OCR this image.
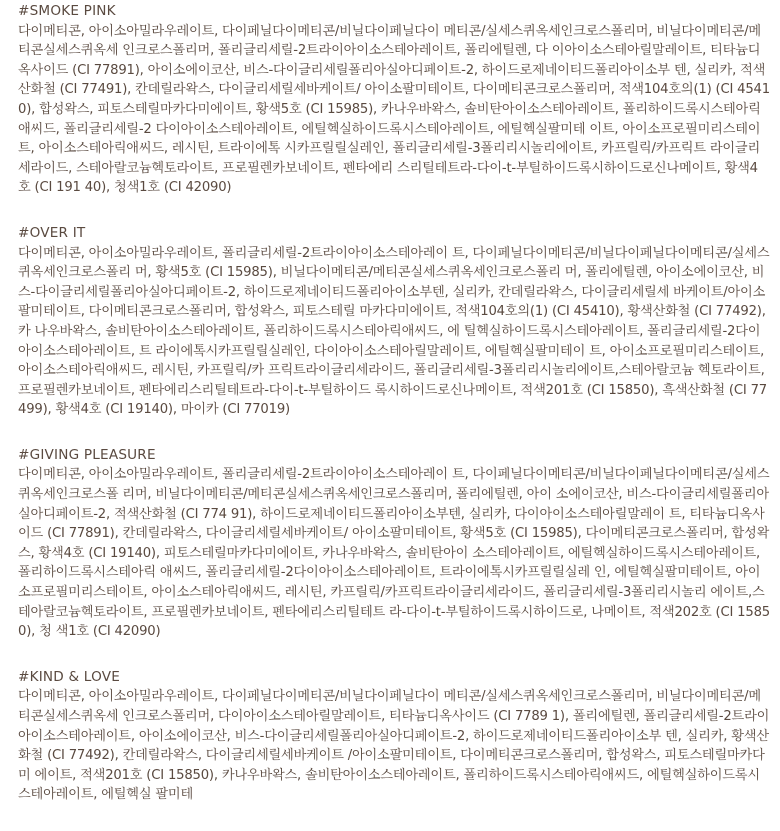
#SMOKE PINK

다이메티콘, 아이소아밀라우레이트, 다이페닐다이메티콘/비닐다이페닐다이 메티콘/실세스퀴옥세인크로스폴리머, 비닐다이메티콘/메티콘실세스퀴옥세 인크로스폴리머, 폴리글리세릴-2트라이아이소스테아레이트, 폴리에틸렌, 다 이아이소스테아릴말레이트, 티타늄디옥사이드 (CI 77891), 아이소에이코산, 비스-다이글리세릴폴리아실아디페이트-2, 하이드로제네이티드폴리아이소부 텐, 실리카, 적색산화철 (CI 77491), 칸데릴라왁스, 다이글리세릴세바케이트/ 아이소팔미테이트, 다이메티콘크로스폴리머, 적색104호의(1) (CI 45410), 합성왁스, 피토스테릴마카다미에이트, 황색5호 (CI 15985), 카나우바왁스, 솔비탄아이소스테아레이트, 폴리하이드록시스테아릭애씨드, 폴리글리세릴-2 다이아이소스테아레이트, 에틸헥실하이드록시스테아레이트, 에틸헥실팔미테 이트, 아이소프로필미리스테이트, 아이소스테아릭애씨드, 레시틴, 트라이에톡 시카프릴릴실레인, 폴리글리세릴-3폴리리시놀리에이트, 카프릴릭/카프릭트 라이글리세라이드, 스테아랄코늄헥토라이트, 프로필렌카보네이트, 펜타에리 스리틸테트라-다이-t-부틸하이드록시하이드로신나메이트, 황색4호 (CI 191 40), 청색1호 (CI 42090)

#OVER IT

다이메티콘, 아이소아밀라우레이트, 폴리글리세릴-2트라이아이소스테아레이 트, 다이페닐다이메티콘/비닐다이페닐다이메티콘/실세스퀴옥세인크로스폴리 머, 황색5호 (CI 15985), 비닐다이메티콘/메티콘실세스퀴옥세인크로스폴리 머, 폴리에틸렌, 아이소에이코산, 비스-다이글리세릴폴리아실아디페이트-2, 하이드로제네이티드폴리아이소부텐, 실리카, 칸데릴라왁스, 다이글리세릴세 바케이트/아이소팔미테이트, 다이메티콘크로스폴리머, 합성왁스, 피토스테릴 마카다미에이트, 적색104호의(1) (CI 45410), 황색산화철 (CI 77492), 카 나우바왁스, 솔비탄아이소스테아레이트, 폴리하이드록시스테아릭애씨드, 에 틸헥실하이드록시스테아레이트, 폴리글리세릴-2다이아이소스테아레이트, 트 라이에톡시카프릴릴실레인, 다이아이소스테아릴말레이트, 에틸헥실팔미테이 트, 아이소프로필미리스테이트, 아이소스테아릭애씨드, 레시틴, 카프릴릭/카 프릭트라이글리세라이드, 폴리글리세릴-3폴리리시놀리에이트,스테아랄코늄 헥토라이트, 프로필렌카보네이트, 펜타에리스리틸테트라-다이-t-부틸하이드 록시하이드로신나메이트, 적색201호 (CI 15850), 흑색산화철 (CI 77499), 황색4호 (CI 19140), 마이카 (CI 77019)

#GIVING PLEASURE

다이메티콘, 아이소아밀라우레이트, 폴리글리세릴-2트라이아이소스테아레이 트, 다이페닐다이메티콘/비닐다이페닐다이메티콘/실세스퀴옥세인크로스폴 리머, 비닐다이메티콘/메티콘실세스퀴옥세인크로스폴리머, 폴리에틸렌, 아이 소에이코산, 비스-다이글리세릴폴리아실아디페이트-2, 적색산화철 (CI 774 91), 하이드로제네이티드폴리아이소부텐, 실리카, 다이아이소스테아릴말레이 트, 티타늄디옥사이드 (CI 77891), 칸데릴라왁스, 다이글리세릴세바케이트/ 아이소팔미테이트, 황색5호 (CI 15985), 다이메티콘크로스폴리머, 합성왁스, 황색4호 (CI 19140), 피토스테릴마카다미에이트, 카나우바왁스, 솔비탄아이 소스테아레이트, 에틸헥실하이드록시스테아레이트, 폴리하이드록시스테아릭 애씨드, 폴리글리세릴-2다이아이소스테아레이트, 트라이에톡시카프릴릴실레 인, 에틸헥실팔미테이트, 아이소프로필미리스테이트, 아이소스테아릭애씨드, 레시틴, 카프릴릭/카프릭트라이글리세라이드, 폴리글리세릴-3폴리리시놀리 에이트,스테아랄코늄헥토라이트, 프로필렌카보네이트, 펜타에리스리틸테트 라-다이-t-부틸하이드록시하이드로, 나메이트, 적색202호 (CI 15850), 청 색1호 (CI 42090)

#KIND & LOVE

다이메티콘, 아이소아밀라우레이트, 다이페닐다이메티콘/비닐다이페닐다이 메티콘/실세스퀴옥세인크로스폴리머, 비닐다이메티콘/메티콘실세스퀴옥세 인크로스폴리머, 다이아이소스테아릴말레이트, 티타늄디옥사이드 (CI 7789 1), 폴리에틸렌, 폴리글리세릴-2트라이아이소스테아레이트, 아이소에이코산, 비스-다이글리세릴폴리아실아디페이트-2, 하이드로제네이티드폴리아이소부 텐, 실리카, 황색산화철 (CI 77492), 칸데릴라왁스, 다이글리세릴세바케이트 /아이소팔미테이트, 다이메티콘크로스폴리머, 합성왁스, 피토스테릴마카다미 에이트, 적색201호 (CI 15850), 카나우바왁스, 솔비탄아이소스테아레이트, 폴리하이드록시스테아릭애씨드, 에틸헥실하이드록시스테아레이트, 에틸헥실 팔미테
